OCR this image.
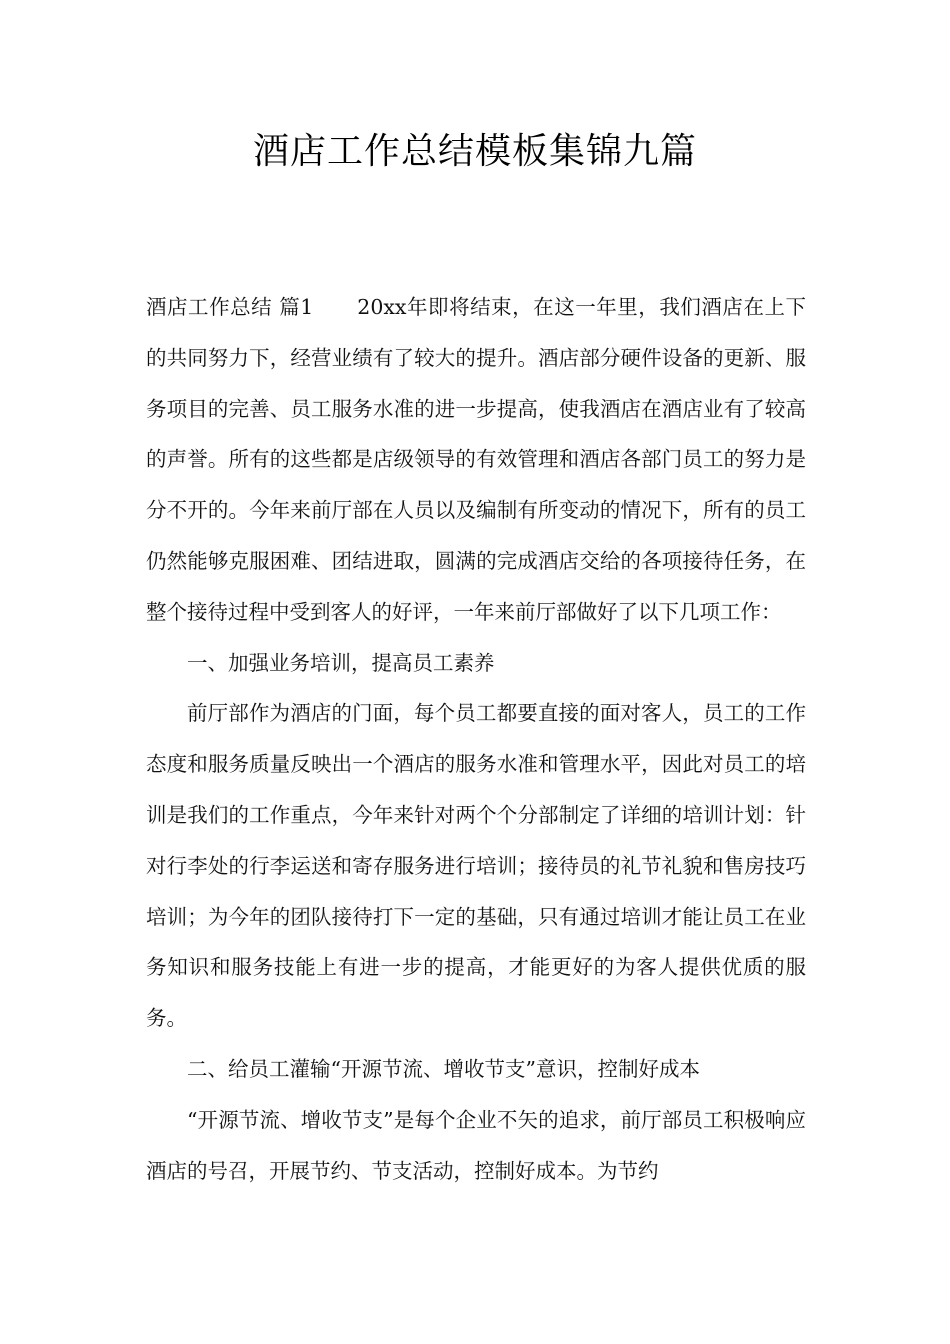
酒店工作总结模板集锦九篇

酒店工作总结 篇1 20xx年即将结束，在这一年里，我们酒店在上下的共同努力下，经营业绩有了较大的提升。酒店部分硬件设备的更新、服务项目的完善、员工服务水准的进一步提高，使我酒店在酒店业有了较高的声誉。所有的这些都是店级领导的有效管理和酒店各部门员工的努力是分不开的。今年来前厅部在人员以及编制有所变动的情况下，所有的员工仍然能够克服困难、团结进取，圆满的完成酒店交给的各项接待任务，在整个接待过程中受到客人的好评，一年来前厅部做好了以下几项工作：

一、加强业务培训，提高员工素养

前厅部作为酒店的门面，每个员工都要直接的面对客人，员工的工作态度和服务质量反映出一个酒店的服务水准和管理水平，因此对员工的培训是我们的工作重点，今年来针对两个个分部制定了详细的培训计划：针对行李处的行李运送和寄存服务进行培训；接待员的礼节礼貌和售房技巧培训；为今年的团队接待打下一定的基础，只有通过培训才能让员工在业务知识和服务技能上有进一步的提高，才能更好的为客人提供优质的服务。

二、给员工灌输“开源节流、增收节支”意识，控制好成本

“开源节流、增收节支”是每个企业不矢的追求，前厅部员工积极响应酒店的号召，开展节约、节支活动，控制好成本。为节约
